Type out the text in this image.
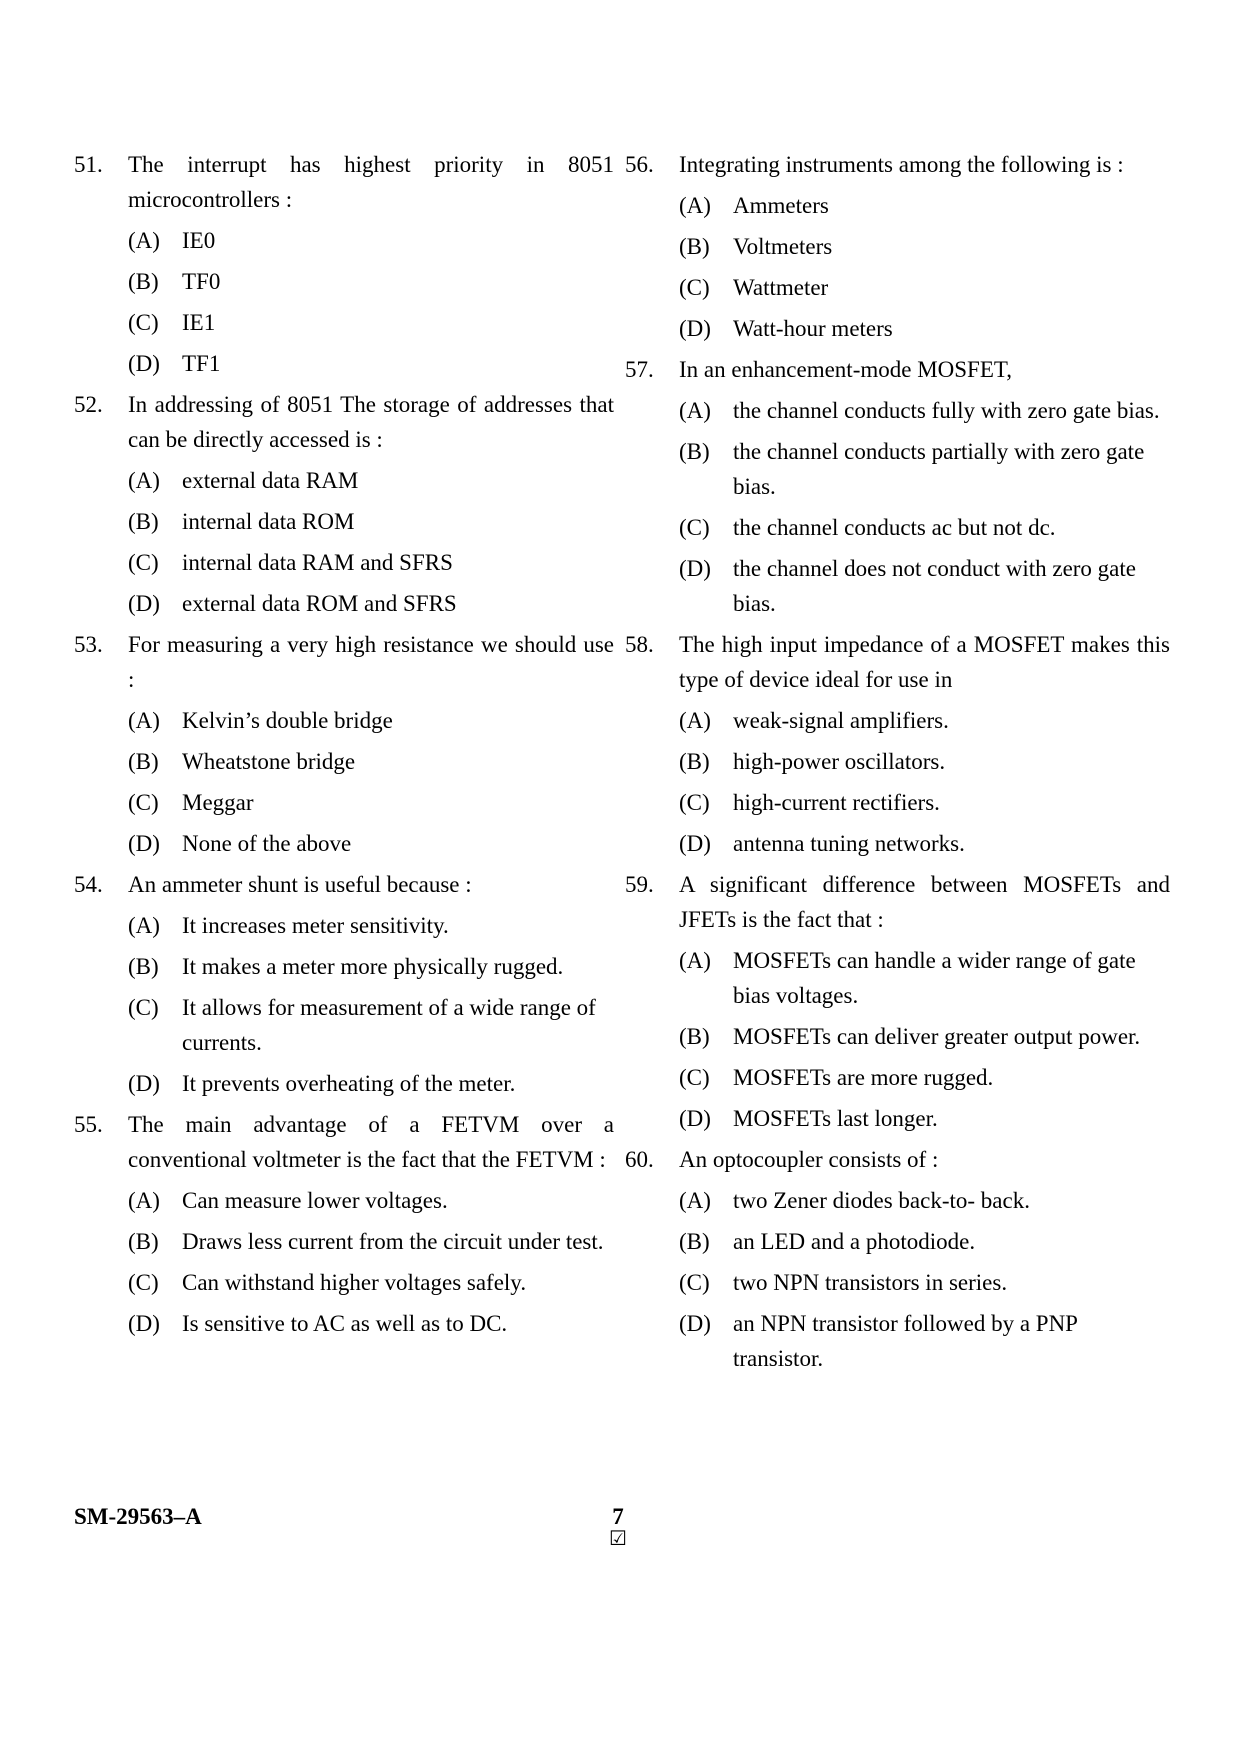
51.	The interrupt has highest priority in 8051 microcontrollers :
(A) IE0
(B)	TF0
(C)	IE1
(D) TF1
52.	In addressing of 8051 The storage of addresses that can be directly accessed is :
(A) external data RAM
(B)	internal data ROM
(C)	internal data RAM and SFRS
(D) external data ROM and SFRS
53.	For measuring a very high resistance we should use :
(A) Kelvin’s double bridge
(B)	Wheatstone bridge
(C)	Meggar
(D) None of the above
54.	An ammeter shunt is useful because :
(A) It increases meter sensitivity.
(B)	It makes a meter more physically rugged.
(C)	It allows for measurement of a wide range of currents.
(D) It prevents overheating of the meter.
55.	The main advantage of a FETVM over a conventional voltmeter is the fact that the FETVM :
(A) Can measure lower voltages.
(B)	Draws less current from the circuit under test.
(C)	Can withstand higher voltages safely.
(D) Is sensitive to AC as well as to DC.
56.	Integrating instruments among the following is :
(A) Ammeters
(B)	Voltmeters
(C)	Wattmeter
(D) Watt-hour meters
57.	In an enhancement-mode MOSFET,
(A) the channel conducts fully with zero gate bias.
(B)	the channel conducts partially with zero gate bias.
(C)	the channel conducts ac but not dc.
(D) the channel does not conduct with zero gate bias.
58.	The high input impedance of a MOSFET makes this type of device ideal for use in
(A) weak-signal amplifiers.
(B)	high-power oscillators.
(C)	high-current rectifiers.
(D) antenna tuning networks.
59.	A significant difference between MOSFETs and JFETs is the fact that :
(A) MOSFETs can handle a wider range of gate bias voltages.
(B)	MOSFETs can deliver greater output power.
(C)	MOSFETs are more rugged.
(D) MOSFETs last longer.
60.	An optocoupler consists of :
(A) two Zener diodes back-to- back.
(B)	an LED and a photodiode.
(C)	two NPN transistors in series.
(D) an NPN transistor followed by a PNP transistor.
SM-29563–A	7
☑
